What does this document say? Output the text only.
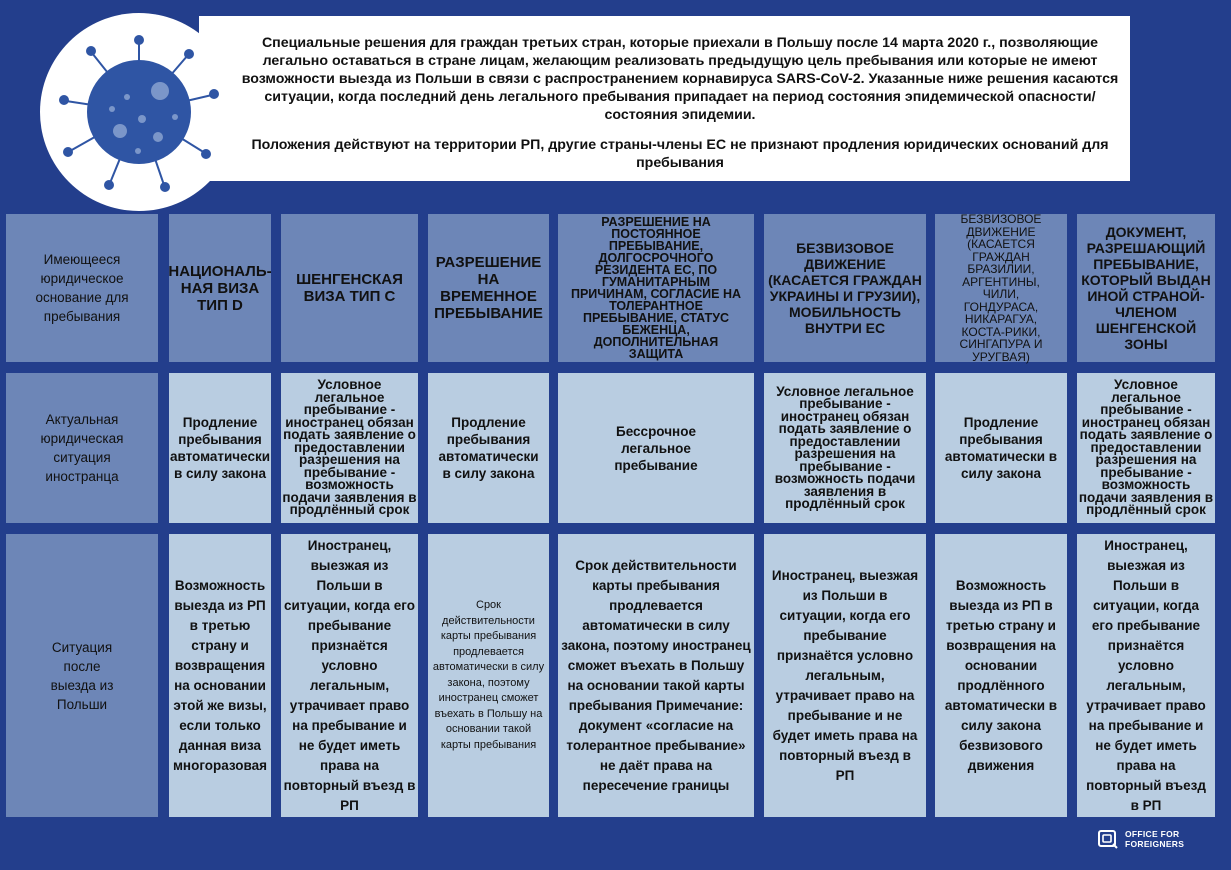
Специальные решения для граждан третьих стран, которые приехали в Польшу после 14 марта 2020 г., позволяющие легально оставаться в стране лицам, желающим реализовать предыдущую цель пребывания или которые не имеют возможности выезда из Польши в связи с распространением корнавируса SARS-CoV-2. Указанные ниже решения касаются ситуации, когда последний день легального пребывания припадает на период состояния эпидемической опасности/состояния эпидемии.
Положения действуют на территории РП, другие страны-члены ЕС не признают продления юридических оснований для пребывания
Имеющееся юридическое основание для пребывания
Актуальная юридическая ситуация иностранца
Ситуация после выезда из Польши
НАЦИОНАЛЬ-НАЯ ВИЗА ТИП D
Продление пребывания автоматически в силу закона
Возможность выезда из РП в третью страну и возвращения на основании этой же визы, если только данная виза многоразовая
ШЕНГЕНСКАЯ ВИЗА ТИП С
Условное легальное пребывание - иностранец обязан подать заявление о предоставлении разрешения на пребывание - возможность подачи заявления в продлённый срок
Иностранец, выезжая из Польши в ситуации, когда его пребывание признаётся условно легальным, утрачивает право на пребывание и не будет иметь права на повторный въезд в РП
РАЗРЕШЕНИЕ НА ВРЕМЕННОЕ ПРЕБЫВАНИЕ
Продление пребывания автоматически в силу закона
Срок действительности карты пребывания продлевается автоматически в силу закона, поэтому иностранец сможет въехать в Польшу на основании такой карты пребывания
РАЗРЕШЕНИЕ НА ПОСТОЯННОЕ ПРЕБЫВАНИЕ, ДОЛГОСРОЧНОГО РЕЗИДЕНТА ЕС, ПО ГУМАНИТАРНЫМ ПРИЧИНАМ, СОГЛАСИЕ НА ТОЛЕРАНТНОЕ ПРЕБЫВАНИЕ, СТАТУС БЕЖЕНЦА, ДОПОЛНИТЕЛЬНАЯ ЗАЩИТА
Бессрочное легальное пребывание
Срок действительности карты пребывания продлевается автоматически в силу закона, поэтому иностранец сможет въехать в Польшу на основании такой карты пребывания Примечание: документ «согласие на толерантное пребывание» не даёт права на пересечение границы
БЕЗВИЗОВОЕ ДВИЖЕНИЕ (КАСАЕТСЯ ГРАЖДАН УКРАИНЫ И ГРУЗИИ), МОБИЛЬНОСТЬ ВНУТРИ ЕС
Условное легальное пребывание - иностранец обязан подать заявление о предоставлении разрешения на пребывание - возможность подачи заявления в продлённый срок
Иностранец, выезжая из Польши в ситуации, когда его пребывание признаётся условно легальным, утрачивает право на пребывание и не будет иметь права на повторный въезд в РП
БЕЗВИЗОВОЕ ДВИЖЕНИЕ (КАСАЕТСЯ ГРАЖДАН БРАЗИЛИИ, АРГЕНТИНЫ, ЧИЛИ, ГОНДУРАСА, НИКАРАГУА, КОСТА-РИКИ, СИНГАПУРА И УРУГВАЯ)
Продление пребывания автоматически в силу закона
Возможность выезда из РП в третью страну и возвращения на основании продлённого автоматически в силу закона безвизового движения
ДОКУМЕНТ, РАЗРЕШАЮЩИЙ ПРЕБЫВАНИЕ, КОТОРЫЙ ВЫДАН ИНОЙ СТРАНОЙ-ЧЛЕНОМ ШЕНГЕНСКОЙ ЗОНЫ
Условное легальное пребывание - иностранец обязан подать заявление о предоставлении разрешения на пребывание - возможность подачи заявления в продлённый срок
Иностранец, выезжая из Польши в ситуации, когда его пребывание признаётся условно легальным, утрачивает право на пребывание и не будет иметь права на повторный въезд в РП
OFFICE FOR
FOREIGNERS
